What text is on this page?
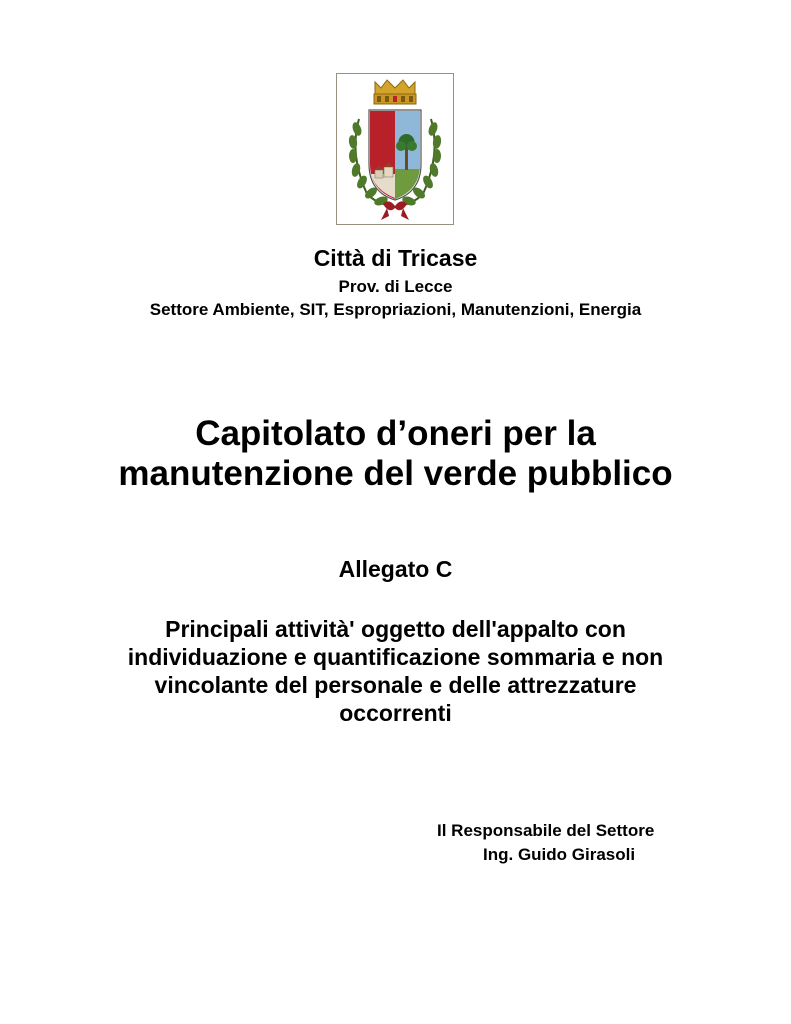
Città di Tricase
Prov. di Lecce
Settore Ambiente, SIT, Espropriazioni, Manutenzioni, Energia
Capitolato d’oneri per la
manutenzione del verde pubblico
Allegato C
Principali attività' oggetto dell'appalto con
individuazione e quantificazione sommaria e non
vincolante del personale e delle attrezzature
occorrenti
Il Responsabile del Settore
Ing. Guido Girasoli
